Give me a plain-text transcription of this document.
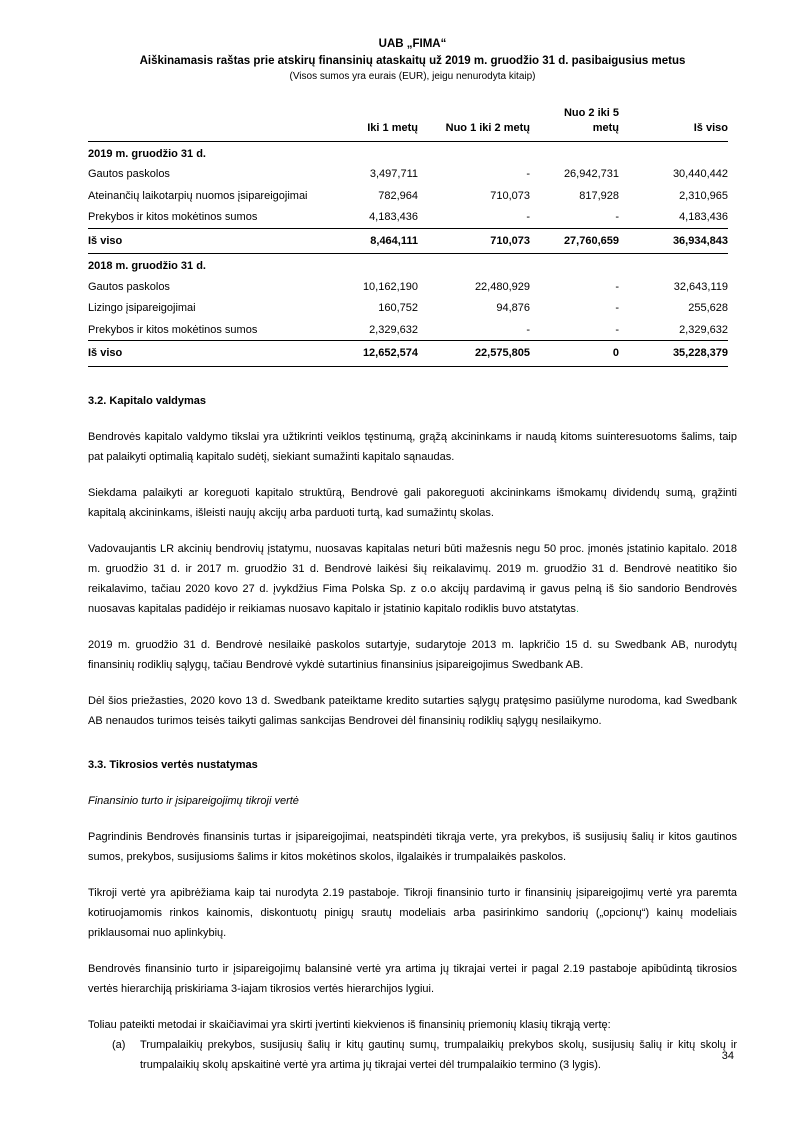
UAB „FIMA“
Aiškinamasis raštas prie atskirų finansinių ataskaitų už 2019 m. gruodžio 31 d. pasibaigusius metus
(Visos sumos yra eurais (EUR), jeigu nenurodyta kitaip)
	Iki 1 metų	Nuo 1 iki 2 metų	Nuo 2 iki 5 metų	Iš viso
2019 m. gruodžio 31 d.				
Gautos paskolos	3,497,711	-	26,942,731	30,440,442
Ateinančių laikotarpių nuomos įsipareigojimai	782,964	710,073	817,928	2,310,965
Prekybos ir kitos mokėtinos sumos	4,183,436	-	-	4,183,436
Iš viso	8,464,111	710,073	27,760,659	36,934,843
2018 m. gruodžio 31 d.				
Gautos paskolos	10,162,190	22,480,929	-	32,643,119
Lizingo įsipareigojimai	160,752	94,876	-	255,628
Prekybos ir kitos mokėtinos sumos	2,329,632	-	-	2,329,632
Iš viso	12,652,574	22,575,805	0	35,228,379
3.2. Kapitalo valdymas

Bendrovės kapitalo valdymo tikslai yra užtikrinti veiklos tęstinumą, grąžą akcininkams ir naudą kitoms suinteresuotoms šalims, taip pat palaikyti optimalią kapitalo sudėtį, siekiant sumažinti kapitalo sąnaudas.

Siekdama palaikyti ar koreguoti kapitalo struktūrą, Bendrovė gali pakoreguoti akcininkams išmokamų dividendų sumą, grąžinti kapitalą akcininkams, išleisti naujų akcijų arba parduoti turtą, kad sumažintų skolas.

Vadovaujantis LR akcinių bendrovių įstatymu, nuosavas kapitalas neturi būti mažesnis negu 50 proc. įmonės įstatinio kapitalo. 2018 m. gruodžio 31 d. ir 2017 m. gruodžio 31 d. Bendrovė laikėsi šių reikalavimų. 2019 m. gruodžio 31 d. Bendrovė neatitiko šio reikalavimo, tačiau 2020 kovo 27 d. įvykdžius Fima Polska Sp. z o.o akcijų pardavimą ir gavus pelną iš šio sandorio Bendrovės nuosavas kapitalas padidėjo ir reikiamas nuosavo kapitalo ir įstatinio kapitalo rodiklis buvo atstatytas.

2019 m. gruodžio 31 d. Bendrovė nesilaikė paskolos sutartyje, sudarytoje 2013 m. lapkričio 15 d. su Swedbank AB, nurodytų finansinių rodiklių sąlygų, tačiau Bendrovė vykdė sutartinius finansinius įsipareigojimus Swedbank AB.

Dėl šios priežasties, 2020 kovo 13 d. Swedbank pateiktame kredito sutarties sąlygų pratęsimo pasiūlyme nurodoma, kad Swedbank AB nenaudos turimos teisės taikyti galimas sankcijas Bendrovei dėl finansinių rodiklių sąlygų nesilaikymo.

3.3. Tikrosios vertės nustatymas
Finansinio turto ir įsipareigojimų tikroji vertė

Pagrindinis Bendrovės finansinis turtas ir įsipareigojimai, neatspindėti tikrąja verte, yra prekybos, iš susijusių šalių ir kitos gautinos sumos, prekybos, susijusioms šalims ir kitos mokėtinos skolos, ilgalaikės ir trumpalaikės paskolos.

Tikroji vertė yra apibrėžiama kaip tai nurodyta 2.19 pastaboje. Tikroji finansinio turto ir finansinių įsipareigojimų vertė yra paremta kotiruojamomis rinkos kainomis, diskontuotų pinigų srautų modeliais arba pasirinkimo sandorių („opcionų“) kainų modeliais priklausomai nuo aplinkybių.

Bendrovės finansinio turto ir įsipareigojimų balansinė vertė yra artima jų tikrajai vertei ir pagal 2.19 pastaboje apibūdintą tikrosios vertės hierarchiją priskiriama 3-iajam tikrosios vertės hierarchijos lygiui.

Toliau pateikti metodai ir skaičiavimai yra skirti įvertinti kiekvienos iš finansinių priemonių klasių tikrąją vertę:

(a)	Trumpalaikių prekybos, susijusių šalių ir kitų gautinų sumų, trumpalaikių prekybos skolų, susijusių šalių ir kitų skolų ir trumpalaikių skolų apskaitinė vertė yra artima jų tikrajai vertei dėl trumpalaikio termino (3 lygis).
34
